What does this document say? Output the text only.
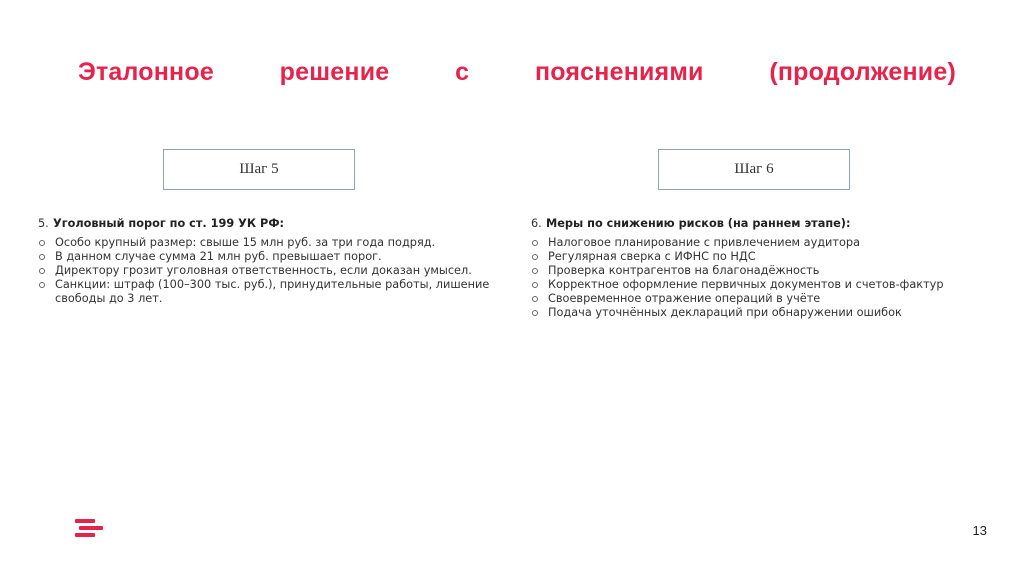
Эталонное	решение	с	пояснениями	(продолжение)
Шаг 5	Шаг 6
5. Уголовный порог по ст. 199 УК РФ:
Особо крупный размер: свыше 15 млн руб. за три года подряд.
В данном случае сумма 21 млн руб. превышает порог.
Директору грозит уголовная ответственность, если доказан умысел.
Санкции: штраф (100–300 тыс. руб.), принудительные работы, лишение свободы до 3 лет.
6. Меры по снижению рисков (на раннем этапе):
Налоговое планирование с привлечением аудитора
Регулярная сверка с ИФНС по НДС
Проверка контрагентов на благонадёжность
Корректное оформление первичных документов и счетов-фактур
Своевременное отражение операций в учёте
Подача уточнённых деклараций при обнаружении ошибок
13
